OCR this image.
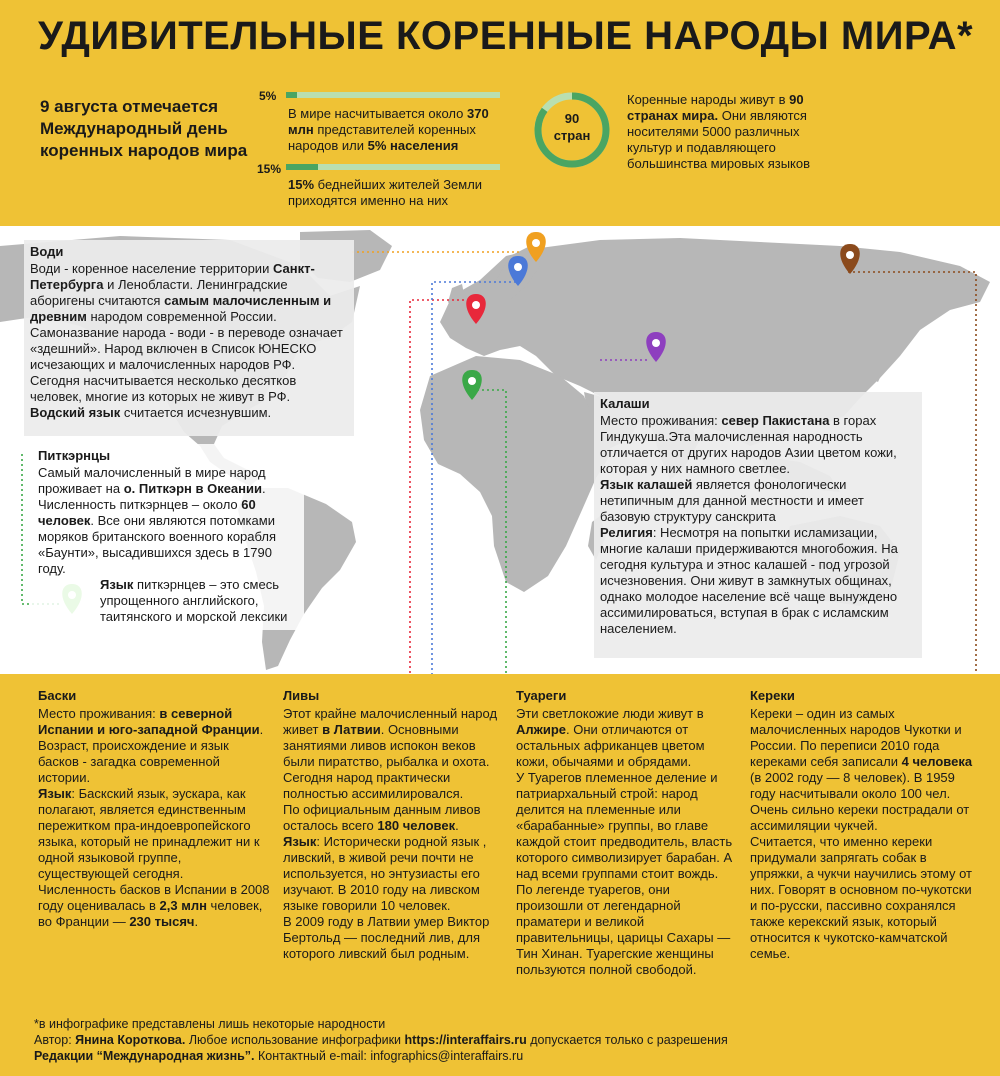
УДИВИТЕЛЬНЫЕ КОРЕННЫЕ НАРОДЫ МИРА*
9 августа отмечается Международный день коренных народов мира
5%
В мире насчитывается около 370 млн представителей коренных народов или 5% населения
15%
15% беднейших жителей Земли приходятся именно на них
90
стран
Коренные народы живут в 90 странах мира. Они являются носителями 5000 различных культур и подавляющего большинства мировых языков
Води

Води - коренное население территории Санкт-Петербурга и Ленобласти. Ленинградские аборигены считаются самым малочисленным и древним народом современной России. Самоназвание народа - води - в переводе означает «здешний». Народ включен в Список ЮНЕСКО исчезающих и малочисленных народов РФ. Сегодня насчитывается несколько десятков человек, многие из которых не живут в РФ. Водский язык считается исчезнувшим.

Питкэрнцы

Самый малочисленный в мире народ проживает на о. Питкэрн в Океании. Численность питкэрнцев – около 60 человек. Все они являются потомками моряков британского военного корабля «Баунти», высадившихся здесь в 1790 году.

Язык питкэрнцев – это смесь упрощенного английского, таитянского и морской лексики

Калаши

Место проживания: север Пакистана в горах Гиндукуша.Эта малочисленная народность отличается от других народов Азии цветом кожи, которая у них намного светлее.

Язык калашей является фонологически нетипичным для данной местности и имеет базовую структуру санскрита

Религия: Несмотря на попытки исламизации, многие калаши придерживаются многобожия. На сегодня культура и этнос калашей - под угрозой исчезновения. Они живут в замкнутых общинах, однако молодое население всё чаще вынуждено ассимилироваться, вступая в брак с исламским населением.

Баски

Место проживания: в северной Испании и юго-западной Франции. Возраст, происхождение и язык басков - загадка современной истории.

Язык: Баскский язык, эускара, как полагают, является единственным пережитком пра-индоевропейского языка, который не принадлежит ни к одной языковой группе, существующей сегодня.

Численность басков в Испании в 2008 году оценивалась в 2,3 млн человек, во Франции — 230 тысяч.

Ливы

Этот крайне малочисленный народ живет в Латвии. Основными занятиями ливов испокон веков были пиратство, рыбалка и охота. Сегодня народ практически полностью ассимилировался.

По официальным данным ливов осталось всего 180 человек.

Язык: Исторически родной язык , ливский, в живой речи почти не используется, но энтузиасты его изучают. В 2010 году на ливском языке говорили 10 человек.

В 2009 году в Латвии умер Виктор Бертольд — последний лив, для которого ливский был родным.

Туареги

Эти светлокожие люди живут в Алжире. Они отличаются от остальных африканцев цветом кожи, обычаями и обрядами.

У Туарегов племенное деление и патриархальный строй: народ делится на племенные или «барабанные» группы, во главе каждой стоит предводитель, власть которого символизирует барабан. А над всеми группами стоит вождь.

По легенде туарегов, они произошли от легендарной праматери и великой правительницы, царицы Сахары — Тин Хинан. Туарегские женщины пользуются полной свободой.

Кереки

Кереки – один из самых малочисленных народов Чукотки и России. По переписи 2010 года кереками себя записали 4 человека (в 2002 году — 8 человек). В 1959 году насчитывали около 100 чел. Очень сильно кереки пострадали от ассимиляции чукчей.

Считается, что именно кереки придумали запрягать собак в упряжки, а чукчи научились этому от них. Говорят в основном по-чукотски и по-русски, пассивно сохранялся также керекский язык, который относится к чукотско-камчатской семье.

*в инфографике представлены лишь некоторые народности

Автор: Янина Короткова. Любое использование инфографики https://interaffairs.ru допускается только с разрешения

Редакции “Международная жизнь”. Контактный e-mail: infographics@interaffairs.ru
